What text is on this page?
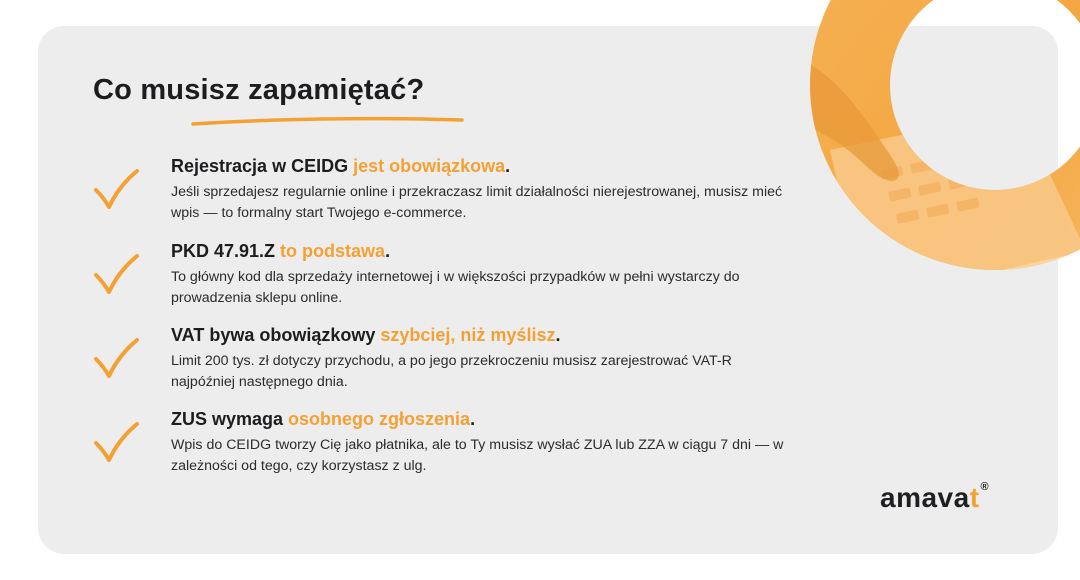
Co musisz zapamiętać?

Rejestracja w CEIDG jest obowiązkowa.

Jeśli sprzedajesz regularnie online i przekraczasz limit działalności nierejestrowanej, musisz mieć wpis — to formalny start Twojego e-commerce.

PKD 47.91.Z to podstawa.

To główny kod dla sprzedaży internetowej i w większości przypadków w pełni wystarczy do prowadzenia sklepu online.

VAT bywa obowiązkowy szybciej, niż myślisz.

Limit 200 tys. zł dotyczy przychodu, a po jego przekroczeniu musisz zarejestrować VAT-R najpóźniej następnego dnia.

ZUS wymaga osobnego zgłoszenia.

Wpis do CEIDG tworzy Cię jako płatnika, ale to Ty musisz wysłać ZUA lub ZZA w ciągu 7 dni — w zależności od tego, czy korzystasz z ulg.

amavat®
